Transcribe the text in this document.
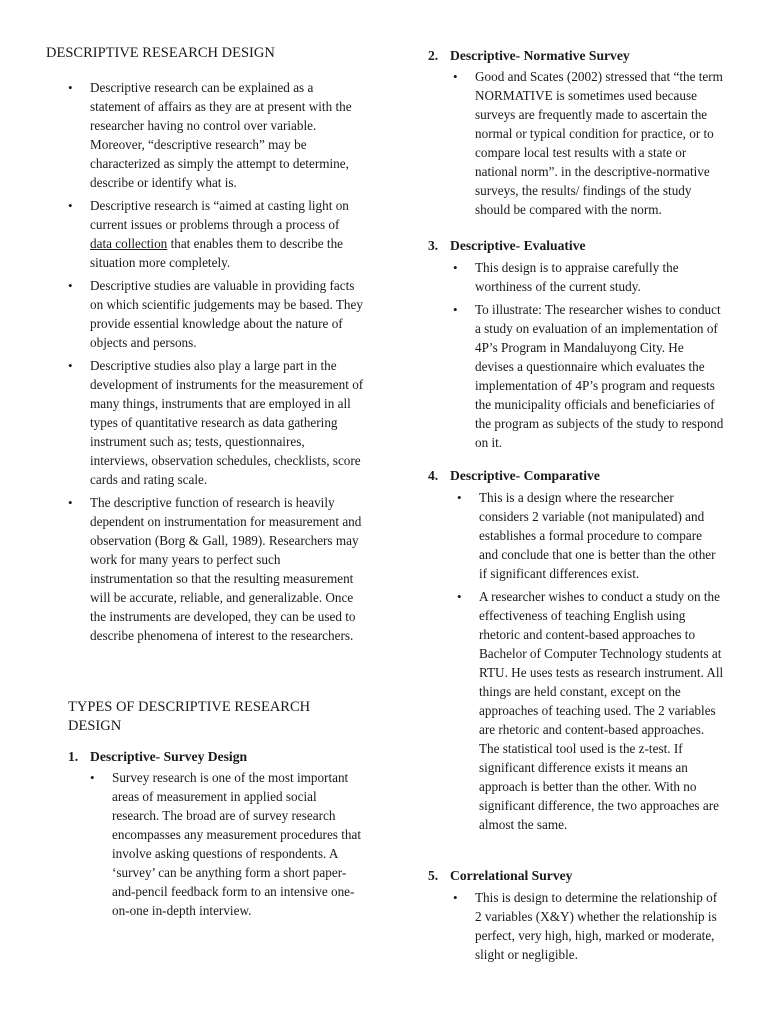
DESCRIPTIVE RESEARCH DESIGN
• Descriptive research can be explained as a statement of affairs as they are at present with the researcher having no control over variable. Moreover, “descriptive research” may be characterized as simply the attempt to determine, describe or identify what is.
• Descriptive research is “aimed at casting light on current issues or problems through a process of data collection that enables them to describe the situation more completely.
• Descriptive studies are valuable in providing facts on which scientific judgements may be based. They provide essential knowledge about the nature of objects and persons.
• Descriptive studies also play a large part in the development of instruments for the measurement of many things, instruments that are employed in all types of quantitative research as data gathering instrument such as; tests, questionnaires, interviews, observation schedules, checklists, score cards and rating scale.
• The descriptive function of research is heavily dependent on instrumentation for measurement and observation (Borg & Gall, 1989). Researchers may work for many years to perfect such instrumentation so that the resulting measurement will be accurate, reliable, and generalizable. Once the instruments are developed, they can be used to describe phenomena of interest to the researchers.
TYPES OF DESCRIPTIVE RESEARCH DESIGN
1. Descriptive- Survey Design
• Survey research is one of the most important areas of measurement in applied social research. The broad are of survey research encompasses any measurement procedures that involve asking questions of respondents. A ‘survey’ can be anything form a short paper-and-pencil feedback form to an intensive one-on-one in-depth interview.
2. Descriptive- Normative Survey
• Good and Scates (2002) stressed that “the term NORMATIVE is sometimes used because surveys are frequently made to ascertain the normal or typical condition for practice, or to compare local test results with a state or national norm”. in the descriptive-normative surveys, the results/ findings of the study should be compared with the norm.
3. Descriptive- Evaluative
• This design is to appraise carefully the worthiness of the current study.
• To illustrate: The researcher wishes to conduct a study on evaluation of an implementation of 4P’s Program in Mandaluyong City. He devises a questionnaire which evaluates the implementation of 4P’s program and requests the municipality officials and beneficiaries of the program as subjects of the study to respond on it.
4. Descriptive- Comparative
• This is a design where the researcher considers 2 variable (not manipulated) and establishes a formal procedure to compare and conclude that one is better than the other if significant differences exist.
• A researcher wishes to conduct a study on the effectiveness of teaching English using rhetoric and content-based approaches to Bachelor of Computer Technology students at RTU. He uses tests as research instrument. All things are held constant, except on the approaches of teaching used. The 2 variables are rhetoric and content-based approaches. The statistical tool used is the z-test. If significant difference exists it means an approach is better than the other. With no significant difference, the two approaches are almost the same.
5. Correlational Survey
• This is design to determine the relationship of 2 variables (X&Y) whether the relationship is perfect, very high, high, marked or moderate, slight or negligible.
